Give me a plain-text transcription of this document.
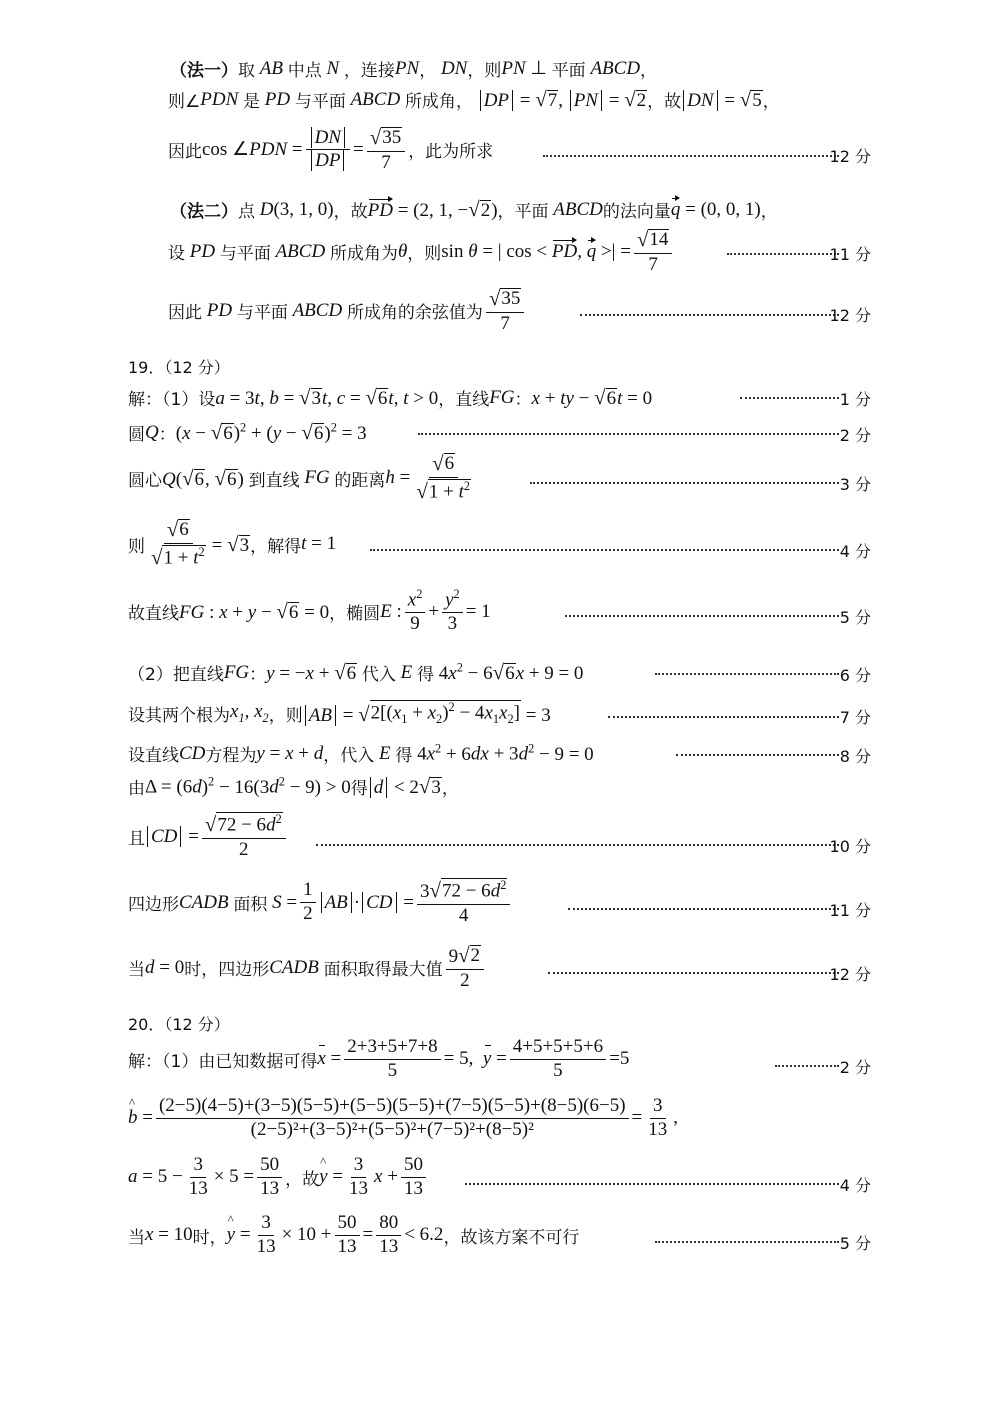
（法一） 取 AB 中点 N ，连接 PN ， DN ，则 PN ⊥ 平面 ABCD ，
则∠ PDN 是 PD 与平面 ABCD 所成角， DP = √ 7 , PN = √ 2 ， 故 DN = √ 5 ，
因此 cos ∠PDN = $\frac{DN}{DP} = \frac{√ 35}{7}$ ，此为所求	12 分
（法二） 点 D(3, 1, 0) ，故 PD = (2, 1, − √ 2 ) ，平面 ABCD 的法向量 q = (0, 0, 1) ，
设 PD 与平面 ABCD 所成角为 θ ，则 sin θ = | cos < PD, q >| = $\frac{√ 14}{7}$	11 分
因此 PD 与平面 ABCD 所成角的余弦值为 $\frac{√ 35}{7}$	12 分
19．（12 分）
解：（1）设 a = 3t, b = √ 3 t, c = √ 6 t, t > 0 ，直线 FG ： x + ty − √ 6 t = 0	1 分
圆 Q ： (x − √ 6 )$^2$ + (y − √ 6 )$^2$ = 3	2 分
圆心 Q( √ 6 , √ 6 ) 到直线 FG 的距离 $h = \frac{√ 6}{√ 1 + t^2}$	3 分
则 $\frac{√ 6}{√ 1 + t^2}$ = √ 3 ，解得 t = 1	4 分
故直线 FG : x + y − √ 6 = 0 ，椭圆 E : $\frac{x^2}{9} + \frac{y^2}{3} = 1$	5 分
（2）把直线 FG ： y = −x + √ 6
代入 E 得 $4x^2 - 6$ √ 6 x + 9 = 0	6 分
设其两个根为 $x_1$, $x_2$ ，则 AB = √ $2[(x_1 + x_2)^2 - 4x_1x_2] = 3$	7 分
设直线 CD 方程为 y = x + d ，代入 E 得 $4x^2 + 6dx + 3d^2 - 9 = 0$	8 分
由 $\Delta = (6d)^2 - 16(3d^2 - 9) > 0$ 得 d < 2 √ 3 ，
且 CD = $\frac{√ 72 - 6d^2}{2}$	10 分
四边形 CADB 面积 $S = \frac{1}{2}$ AB · CD = $\frac{3 √ 72 - 6d^2}{4}$	11 分
当 d = 0 时，四边形 CADB 面积取得最大值 $\frac{9 √ 2}{2}$	12 分
20．（12 分）
解：（1）由已知数据可得 $x = \frac{2+3+5+7+8}{5} = 5$, $y = \frac{4+5+5+5+6}{5} = 5$	2 分
^ $b = \frac{(2-5)(4-5)+(3-5)(5-5)+(5-5)(5-5)+(7-5)(5-5)+(8-5)(6-5)}{\text{(2−5)²+(3−5)²+(5−5)²+(7−5)²+(8−5)²}} = \frac{3}{13}$ ,
$a = 5 - \frac{3}{13} \times 5 = \frac{50}{13}$ ，故 ^ $y = \frac{3}{13}$ $x + \frac{50}{13}$	4 分
当 x = 10 时， ^ $y = \frac{3}{13} \times 10 + \frac{50}{13} = \frac{80}{13} < 6.2$ ，故该方案不可行	5 分
